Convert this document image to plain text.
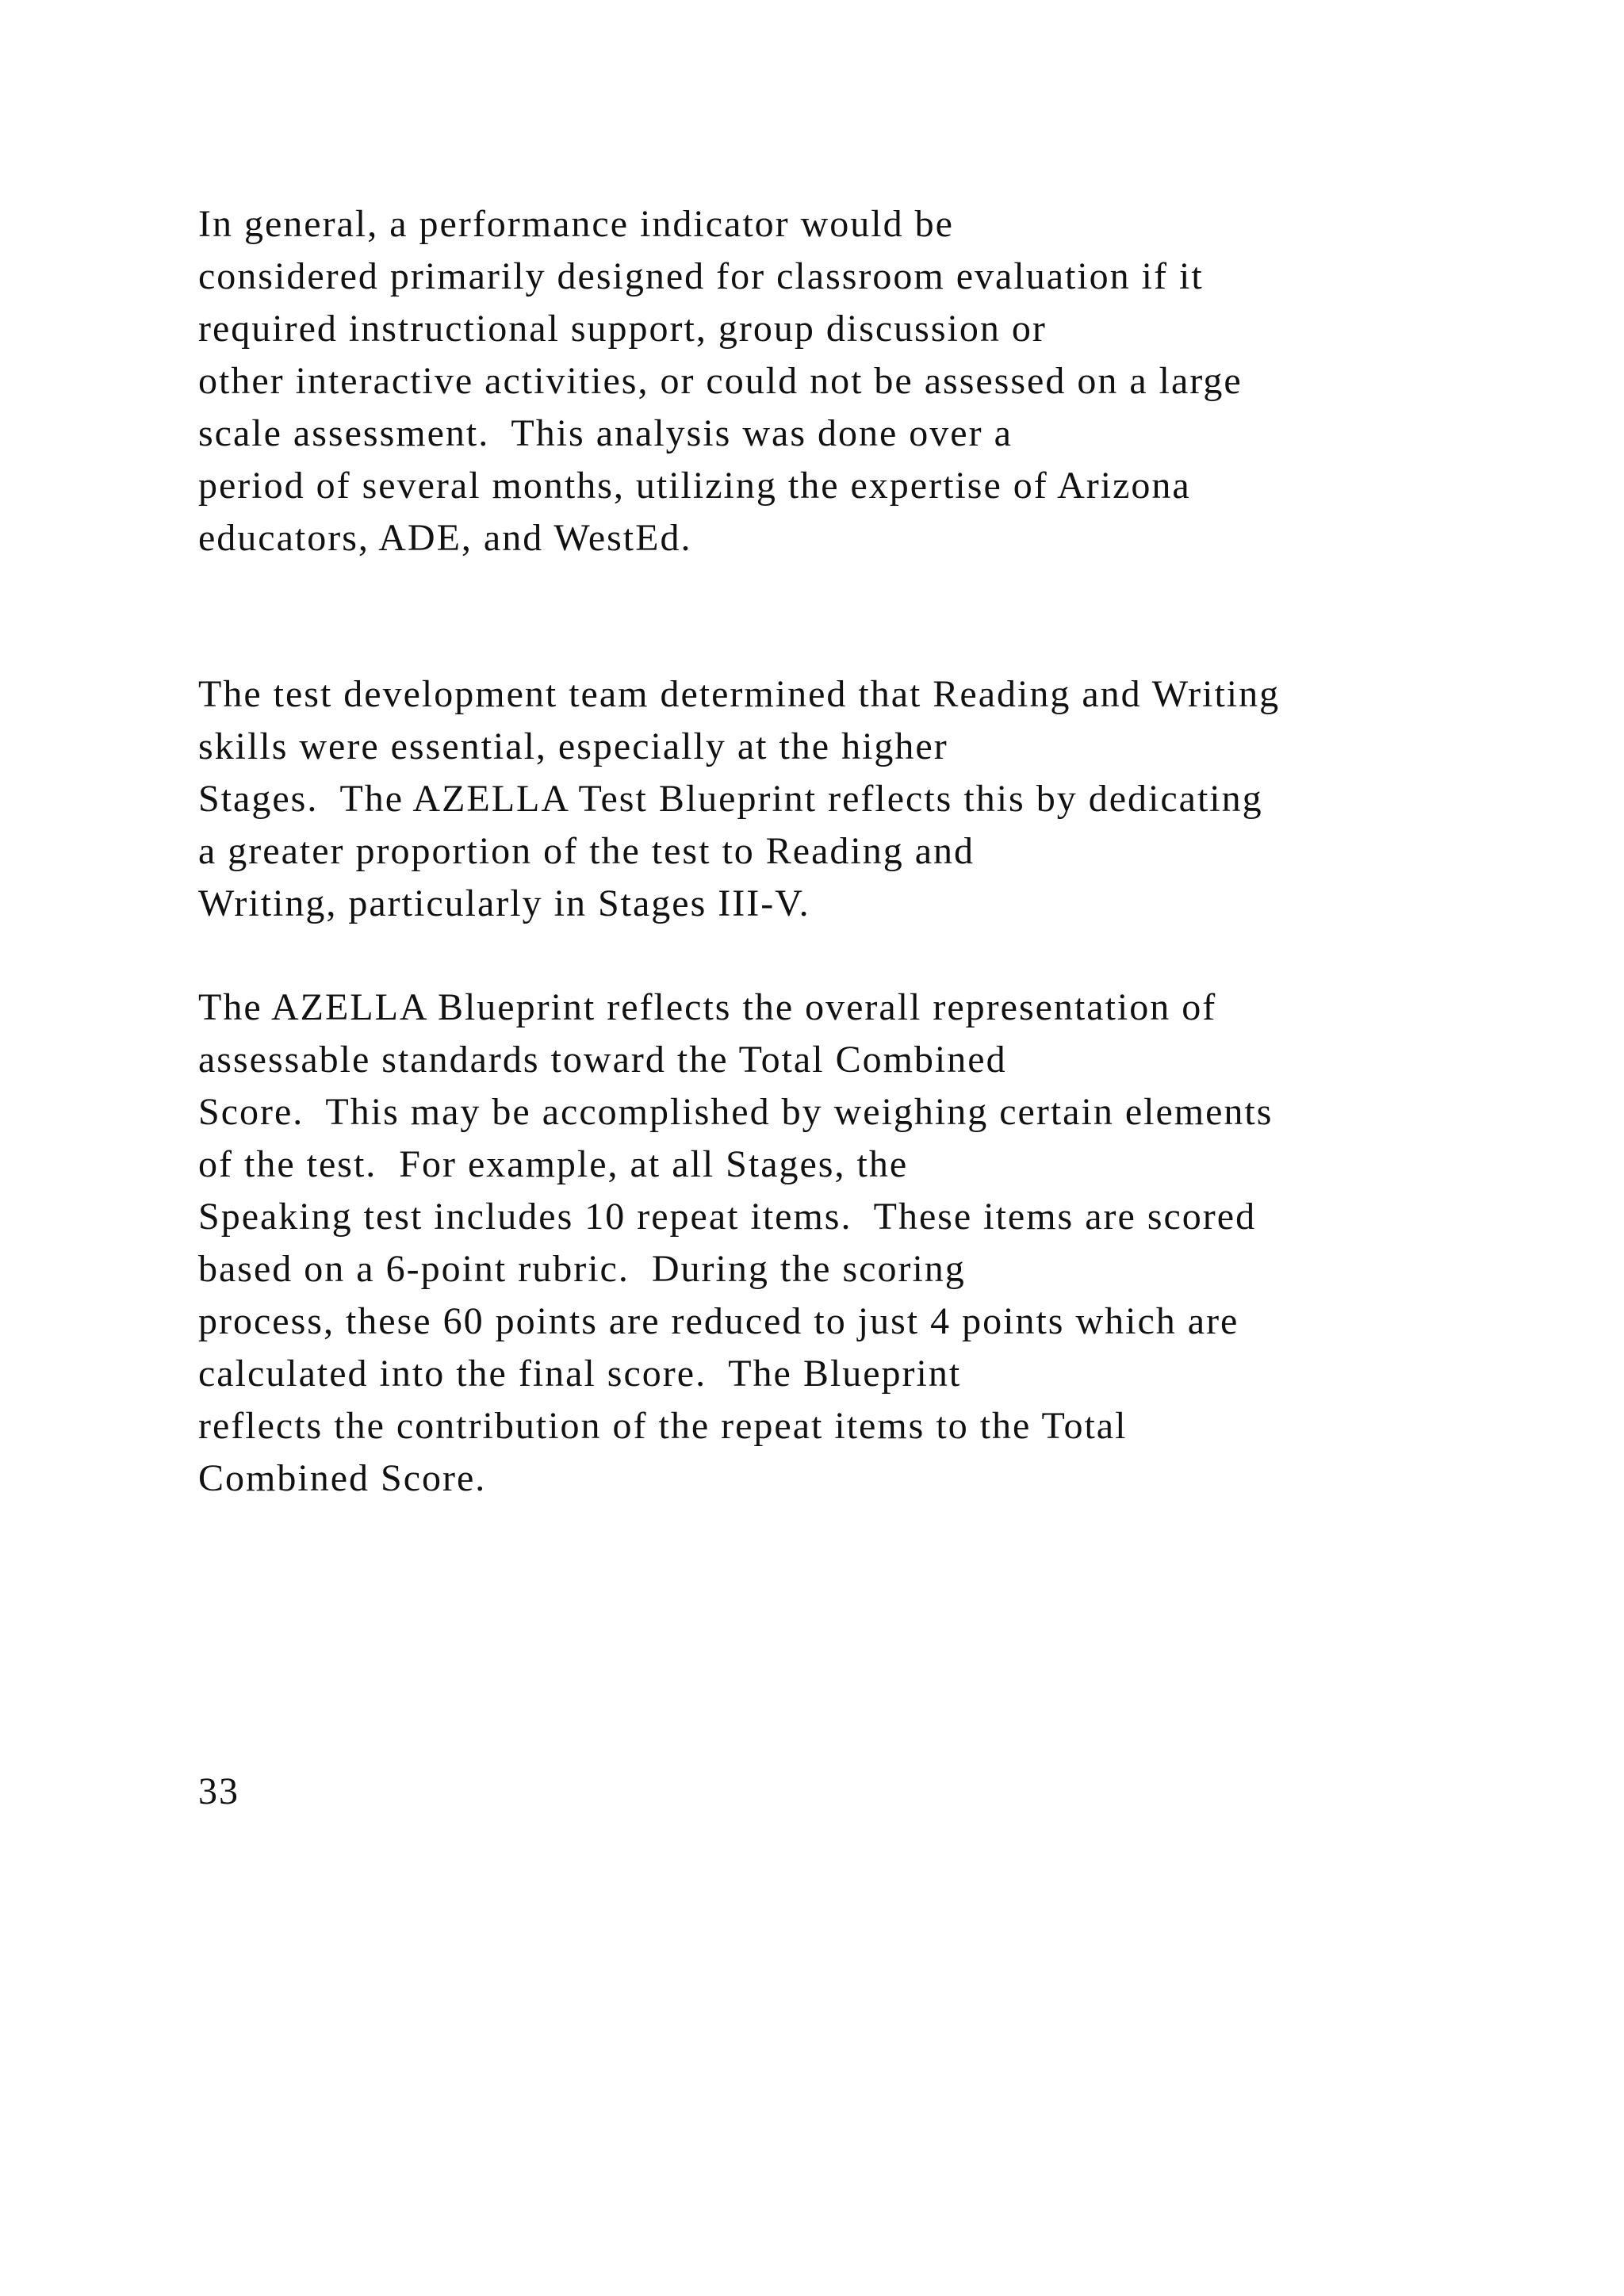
In general, a performance indicator would be
considered primarily designed for classroom evaluation if it
required instructional support, group discussion or
other interactive activities, or could not be assessed on a large
scale assessment.  This analysis was done over a
period of several months, utilizing the expertise of Arizona
educators, ADE, and WestEd.

The test development team determined that Reading and Writing
skills were essential, especially at the higher
Stages.  The AZELLA Test Blueprint reflects this by dedicating
a greater proportion of the test to Reading and
Writing, particularly in Stages III-V.

The AZELLA Blueprint reflects the overall representation of
assessable standards toward the Total Combined
Score.  This may be accomplished by weighing certain elements
of the test.  For example, at all Stages, the
Speaking test includes 10 repeat items.  These items are scored
based on a 6-point rubric.  During the scoring
process, these 60 points are reduced to just 4 points which are
calculated into the final score.  The Blueprint
reflects the contribution of the repeat items to the Total
Combined Score.

33
